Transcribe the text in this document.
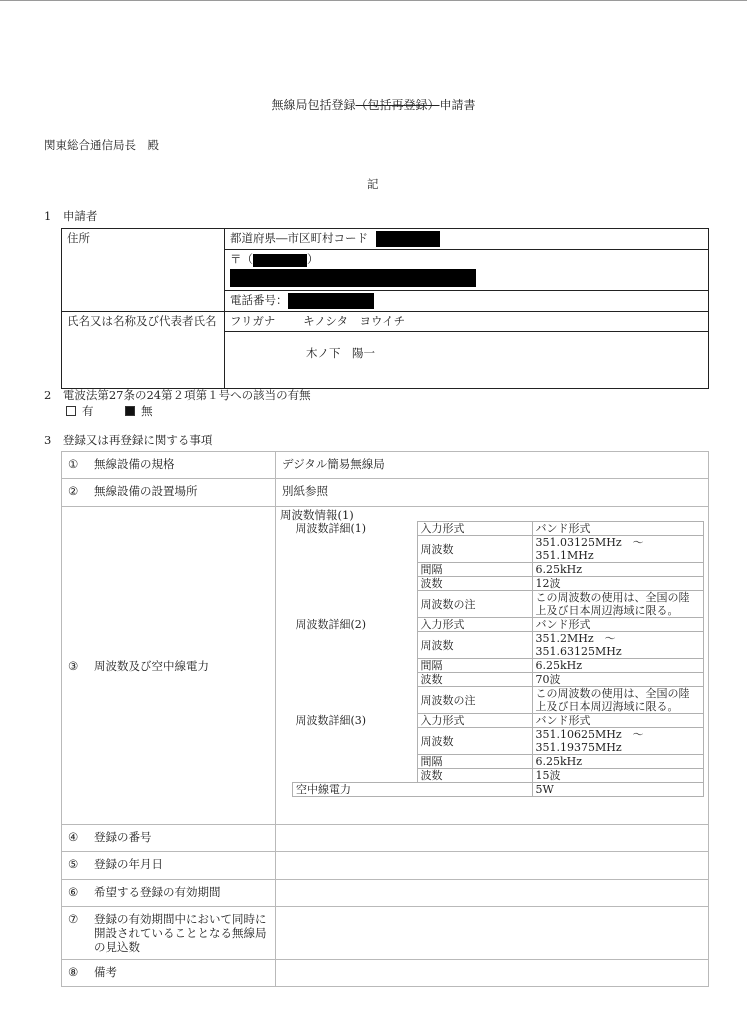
無線局包括登録（包括再登録）申請書
関東総合通信局長　殿
記
1　申請者
住所	都道府県―市区町村コード

	〒（ ）

	電話番号：
氏名又は名称及び代表者氏名	フリガナ キノシタ　ヨウイチ
	木ノ下　陽一
2　電波法第27条の24第２項第１号への該当の有無
有	無
3　登録又は再登録に関する事項
① 無線設備の規格	デジタル簡易無線局
② 無線設備の設置場所	別紙参照
③ 周波数及び空中線電力	
周波数情報(1)
周波数詳細(1)	入力形式	バンド形式
周波数	351.03125MHz　～　351.1MHz
間隔	6.25kHz
波数	12波
周波数の注	この周波数の使用は、全国の陸上及び日本周辺海域に限る。
周波数詳細(2)	入力形式	バンド形式
周波数	351.2MHz　～　351.63125MHz
間隔	6.25kHz
波数	70波
周波数の注	この周波数の使用は、全国の陸上及び日本周辺海域に限る。
周波数詳細(3)	入力形式	バンド形式
周波数	351.10625MHz　～　351.19375MHz
間隔	6.25kHz
波数	15波
空中線電力	5W

④ 登録の番号	
⑤ 登録の年月日	
⑥ 希望する登録の有効期間	
⑦ 登録の有効期間中において同時に開設されていることとなる無線局の見込数	
⑧ 備考	
